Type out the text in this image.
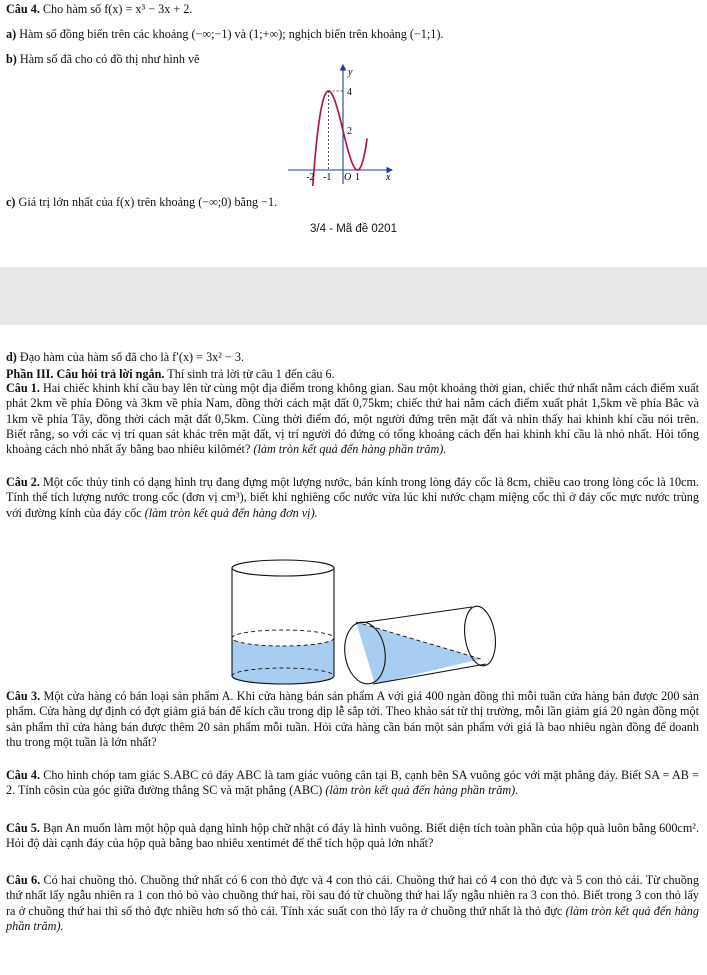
Câu 4. Cho hàm số f(x) = x³ − 3x + 2.
a) Hàm số đồng biến trên các khoảng (−∞;−1) và (1;+∞); nghịch biến trên khoảng (−1;1).
b) Hàm số đã cho có đồ thị như hình vẽ
y
x
4
2
-2 -1 O 1
c) Giá trị lớn nhất của f(x) trên khoảng (−∞;0) bằng −1.
3/4 - Mã đề 0201
d) Đạo hàm của hàm số đã cho là f′(x) = 3x² − 3.
Phần III. Câu hỏi trả lời ngắn. Thí sinh trả lời từ câu 1 đến câu 6.
Câu 1. Hai chiếc khinh khí cầu bay lên từ cùng một địa điểm trong không gian. Sau một khoảng thời gian, chiếc thứ nhất nằm cách điểm xuất phát 2km về phía Đông và 3km về phía Nam, đồng thời cách mặt đất 0,75km; chiếc thứ hai nằm cách điểm xuất phát 1,5km về phía Bắc và 1km về phía Tây, đồng thời cách mặt đất 0,5km. Cùng thời điểm đó, một người đứng trên mặt đất và nhìn thấy hai khinh khí cầu nói trên. Biết rằng, so với các vị trí quan sát khác trên mặt đất, vị trí người đó đứng có tổng khoảng cách đến hai khinh khí cầu là nhỏ nhất. Hỏi tổng khoảng cách nhỏ nhất ấy bằng bao nhiêu kilômét? (làm tròn kết quả đến hàng phần trăm).
Câu 2. Một cốc thủy tinh có dạng hình trụ đang đựng một lượng nước, bán kính trong lòng đáy cốc là 8cm, chiều cao trong lòng cốc là 10cm. Tính thể tích lượng nước trong cốc (đơn vị cm³), biết khi nghiêng cốc nước vừa lúc khi nước chạm miệng cốc thì ở đáy cốc mực nước trùng với đường kính của đáy cốc (làm tròn kết quả đến hàng đơn vị).
Câu 3. Một cửa hàng có bán loại sản phẩm A. Khi cửa hàng bán sản phẩm A với giá 400 ngàn đồng thì mỗi tuần cửa hàng bán được 200 sản phẩm. Cửa hàng dự định có đợt giảm giá bán để kích cầu trong dịp lễ sắp tới. Theo khảo sát từ thị trường, mỗi lần giảm giá 20 ngàn đồng một sản phẩm thì cửa hàng bán được thêm 20 sản phẩm mỗi tuần. Hỏi cửa hàng cần bán một sản phẩm với giá là bao nhiêu ngàn đồng để doanh thu trong một tuần là lớn nhất?
Câu 4. Cho hình chóp tam giác S.ABC có đáy ABC là tam giác vuông cân tại B, cạnh bên SA vuông góc với mặt phẳng đáy. Biết SA = AB = 2. Tính côsin của góc giữa đường thẳng SC và mặt phẳng (ABC) (làm tròn kết quả đến hàng phần trăm).
Câu 5. Bạn An muốn làm một hộp quà dạng hình hộp chữ nhật có đáy là hình vuông. Biết diện tích toàn phần của hộp quà luôn bằng 600cm². Hỏi độ dài cạnh đáy của hộp quà bằng bao nhiêu xentimét để thể tích hộp quà lớn nhất?
Câu 6. Có hai chuồng thỏ. Chuồng thứ nhất có 6 con thỏ đực và 4 con thỏ cái. Chuồng thứ hai có 4 con thỏ đực và 5 con thỏ cái. Từ chuồng thứ nhất lấy ngẫu nhiên ra 1 con thỏ bỏ vào chuồng thứ hai, rồi sau đó từ chuồng thứ hai lấy ngẫu nhiên ra 3 con thỏ. Biết trong 3 con thỏ lấy ra ở chuồng thứ hai thì số thỏ đực nhiều hơn số thỏ cái. Tính xác suất con thỏ lấy ra ở chuồng thứ nhất là thỏ đực (làm tròn kết quả đến hàng phần trăm).
